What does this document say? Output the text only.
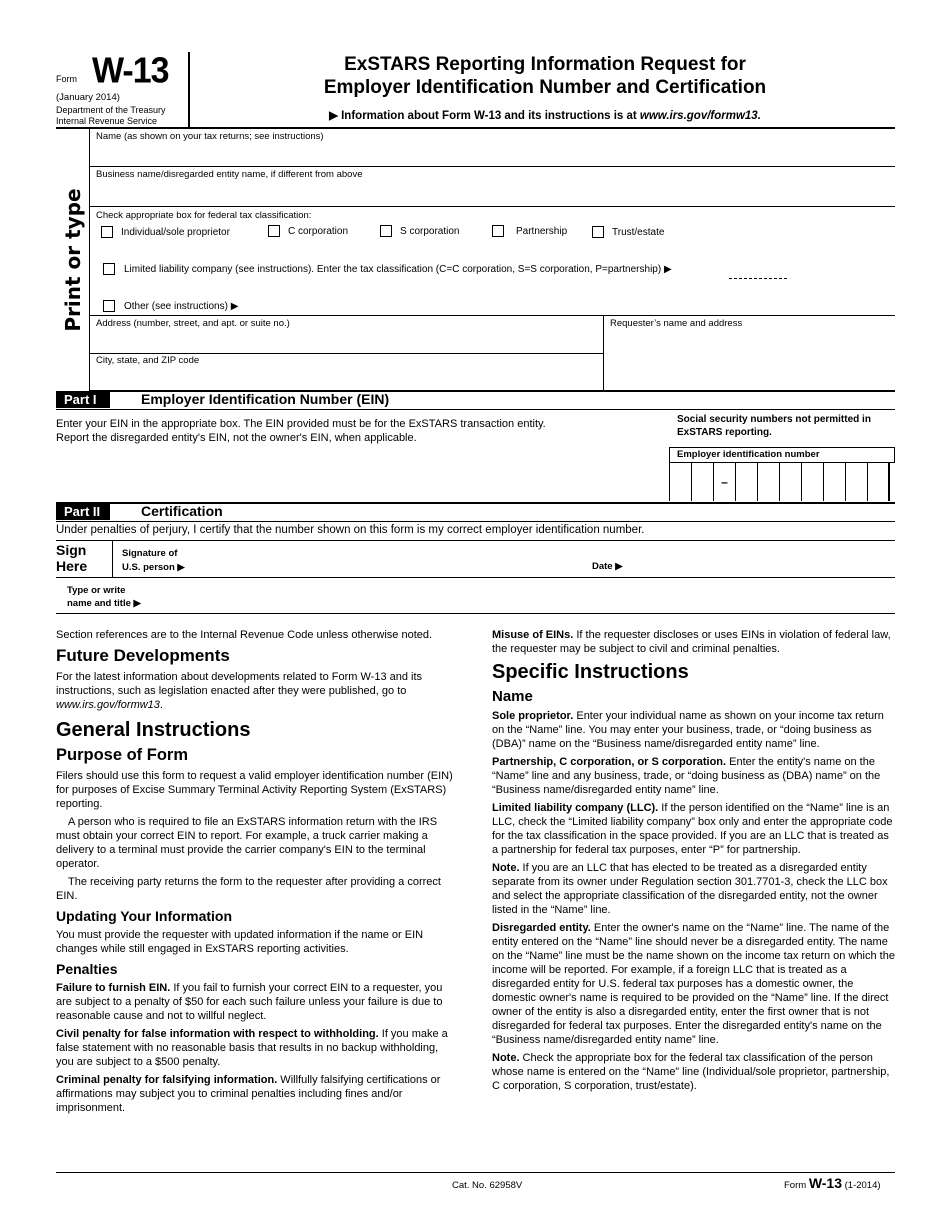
Form W-13
(January 2014)
Department of the Treasury
Internal Revenue Service
ExSTARS Reporting Information Request for
Employer Identification Number and Certification
▶ Information about Form W-13 and its instructions is at www.irs.gov/formw13.
Print or type
Name (as shown on your tax returns; see instructions)
Business name/disregarded entity name, if different from above
Check appropriate box for federal tax classification:
Individual/sole proprietor	C corporation	S corporation	Partnership	Trust/estate
Limited liability company (see instructions). Enter the tax classification (C=C corporation, S=S corporation, P=partnership) ▶
Other (see instructions) ▶
Address (number, street, and apt. or suite no.)
City, state, and ZIP code
Requester’s name and address
Part I	Employer Identification Number (EIN)
Enter your EIN in the appropriate box. The EIN provided must be for the ExSTARS transaction entity.
Report the disregarded entity's EIN, not the owner's EIN, when applicable.
Social security numbers not permitted in
ExSTARS reporting.
Employer identification number
–
Part II	Certification
Under penalties of perjury, I certify that the number shown on this form is my correct employer identification number.
Sign
Here
Signature of
U.S. person ▶	Date ▶
Type or write
name and title ▶

Section references are to the Internal Revenue Code unless otherwise noted.

Future Developments

For the latest information about developments related to Form W-13 and its instructions, such as legislation enacted after they were published, go to www.irs.gov/formw13.

General Instructions
Purpose of Form

Filers should use this form to request a valid employer identification number (EIN) for purposes of Excise Summary Terminal Activity Reporting System (ExSTARS) reporting.

A person who is required to file an ExSTARS information return with the IRS must obtain your correct EIN to report. For example, a truck carrier making a delivery to a terminal must provide the carrier company's EIN to the terminal operator.

The receiving party returns the form to the requester after providing a correct EIN.

Updating Your Information

You must provide the requester with updated information if the name or EIN changes while still engaged in ExSTARS reporting activities.

Penalties

Failure to furnish EIN. If you fail to furnish your correct EIN to a requester, you are subject to a penalty of $50 for each such failure unless your failure is due to reasonable cause and not to willful neglect.

Civil penalty for false information with respect to withholding. If you make a false statement with no reasonable basis that results in no backup withholding, you are subject to a $500 penalty.

Criminal penalty for falsifying information. Willfully falsifying certifications or affirmations may subject you to criminal penalties including fines and/or imprisonment.

Misuse of EINs. If the requester discloses or uses EINs in violation of federal law, the requester may be subject to civil and criminal penalties.

Specific Instructions
Name

Sole proprietor. Enter your individual name as shown on your income tax return on the “Name” line. You may enter your business, trade, or “doing business as (DBA)” name on the “Business name/disregarded entity name” line.

Partnership, C corporation, or S corporation. Enter the entity's name on the “Name” line and any business, trade, or “doing business as (DBA) name” on the “Business name/disregarded entity name” line.

Limited liability company (LLC). If the person identified on the “Name” line is an LLC, check the “Limited liability company” box only and enter the appropriate code for the tax classification in the space provided. If you are an LLC that is treated as a partnership for federal tax purposes, enter “P” for partnership.

Note. If you are an LLC that has elected to be treated as a disregarded entity separate from its owner under Regulation section 301.7701-3, check the LLC box and select the appropriate classification of the disregarded entity, not the owner listed in the “Name” line.

Disregarded entity. Enter the owner's name on the “Name” line. The name of the entity entered on the “Name” line should never be a disregarded entity. The name on the “Name” line must be the name shown on the income tax return on which the income will be reported. For example, if a foreign LLC that is treated as a disregarded entity for U.S. federal tax purposes has a domestic owner, the domestic owner's name is required to be provided on the “Name” line. If the direct owner of the entity is also a disregarded entity, enter the first owner that is not disregarded for federal tax purposes. Enter the disregarded entity's name on the “Business name/disregarded entity name” line.

Note. Check the appropriate box for the federal tax classification of the person whose name is entered on the “Name” line (Individual/sole proprietor, partnership, C corporation, S corporation, trust/estate).

Cat. No. 62958V	Form W-13 (1-2014)
